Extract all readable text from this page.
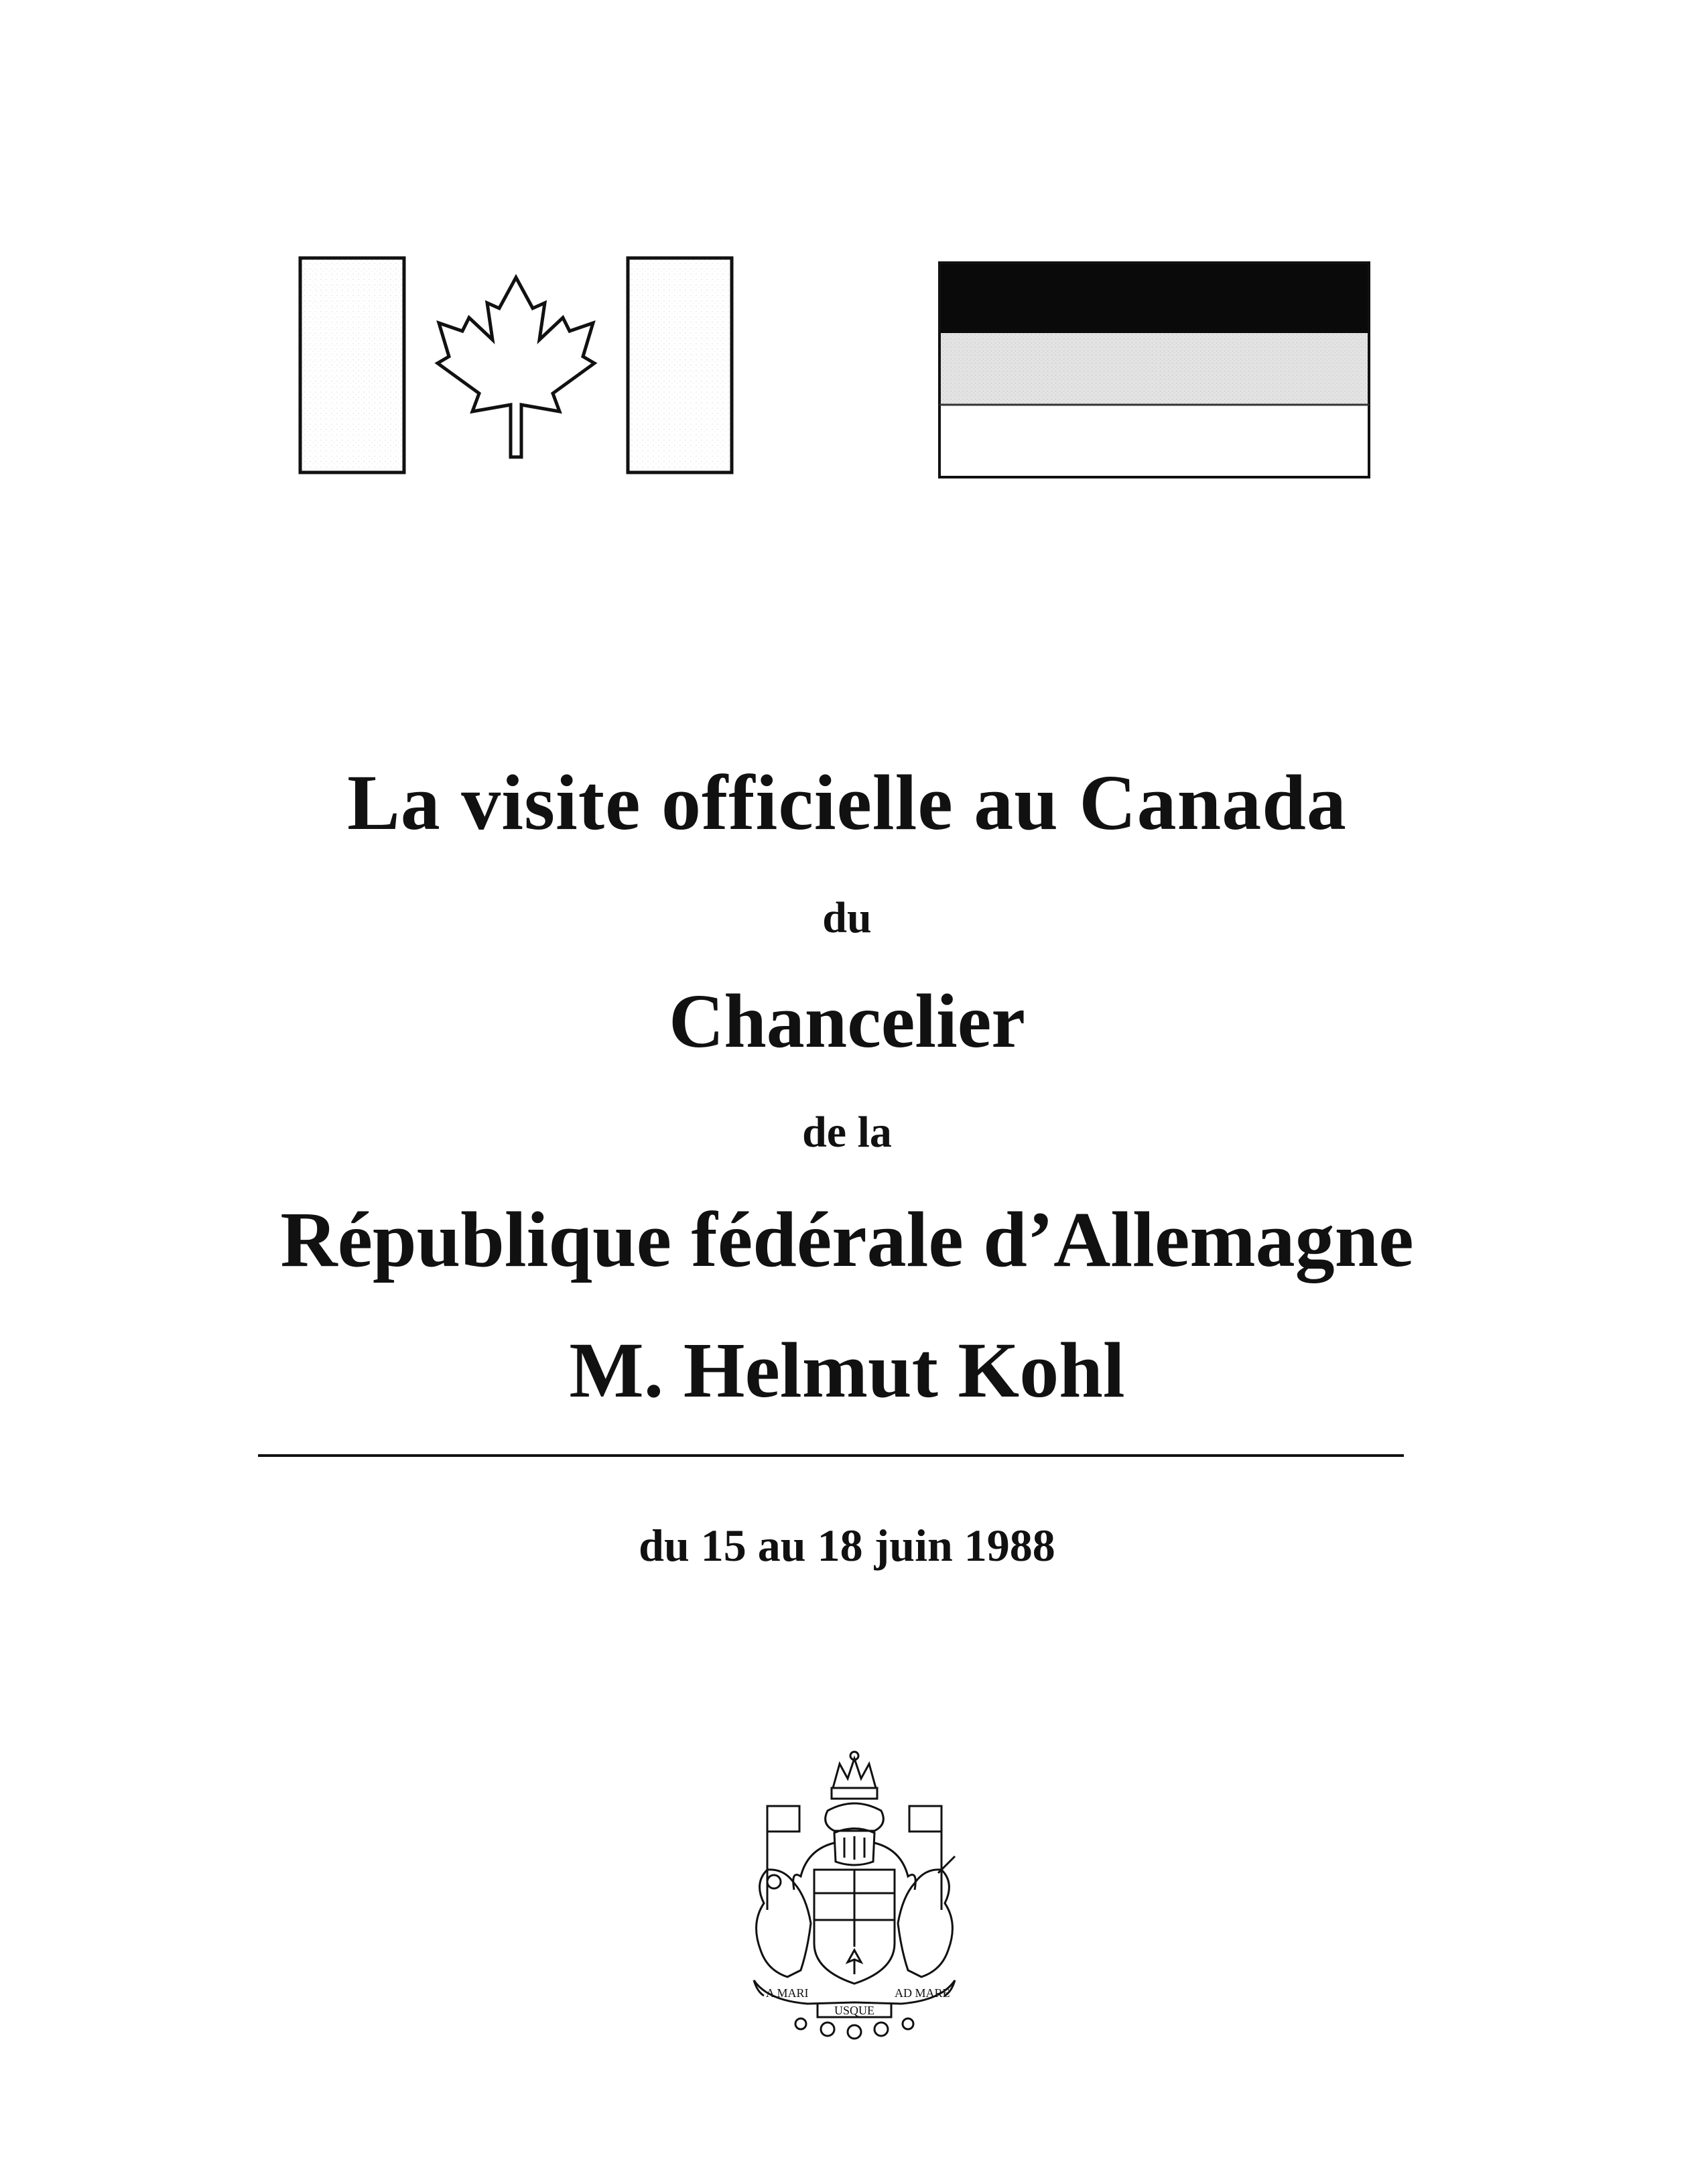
La visite officielle au Canada
du
Chancelier
de la
République fédérale d’Allemagne
M. Helmut Kohl
du 15 au 18 juin 1988
A MARI
USQUE
AD MARE
